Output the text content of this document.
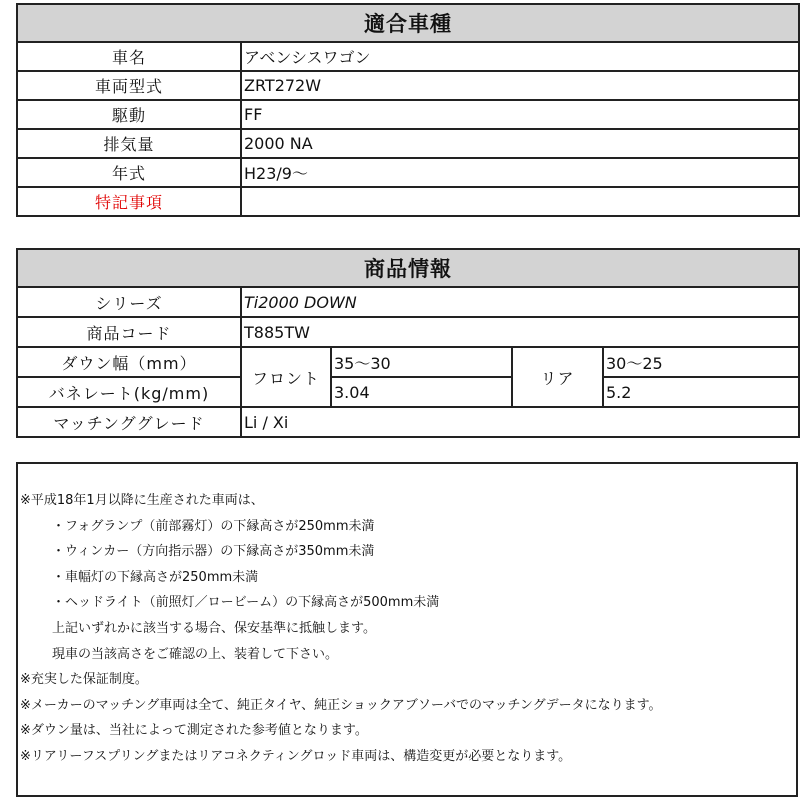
適合車種	
車名	アベンシスワゴン
車両型式	ZRT272W
駆動	FF
排気量	2000 NA
年式	H23/9～
特記事項	
商品情報				
シリーズ	Ti2000 DOWN			
商品コード	T885TW			
ダウン幅（mm）	フロント	35～30	リア	30～25
バネレート(kg/mm)		3.04		5.2
マッチンググレード	Li / Xi			
※平成18年1月以降に生産された車両は、
・フォグランプ（前部霧灯）の下縁高さが250mm未満
・ウィンカー（方向指示器）の下縁高さが350mm未満
・車幅灯の下縁高さが250mm未満
・ヘッドライト（前照灯／ロービーム）の下縁高さが500mm未満
上記いずれかに該当する場合、保安基準に抵触します。
現車の当該高さをご確認の上、装着して下さい。
※充実した保証制度。
※メーカーのマッチング車両は全て、純正タイヤ、純正ショックアブソーバでのマッチングデータになります。
※ダウン量は、当社によって測定された参考値となります。
※リアリーフスプリングまたはリアコネクティングロッド車両は、構造変更が必要となります。
